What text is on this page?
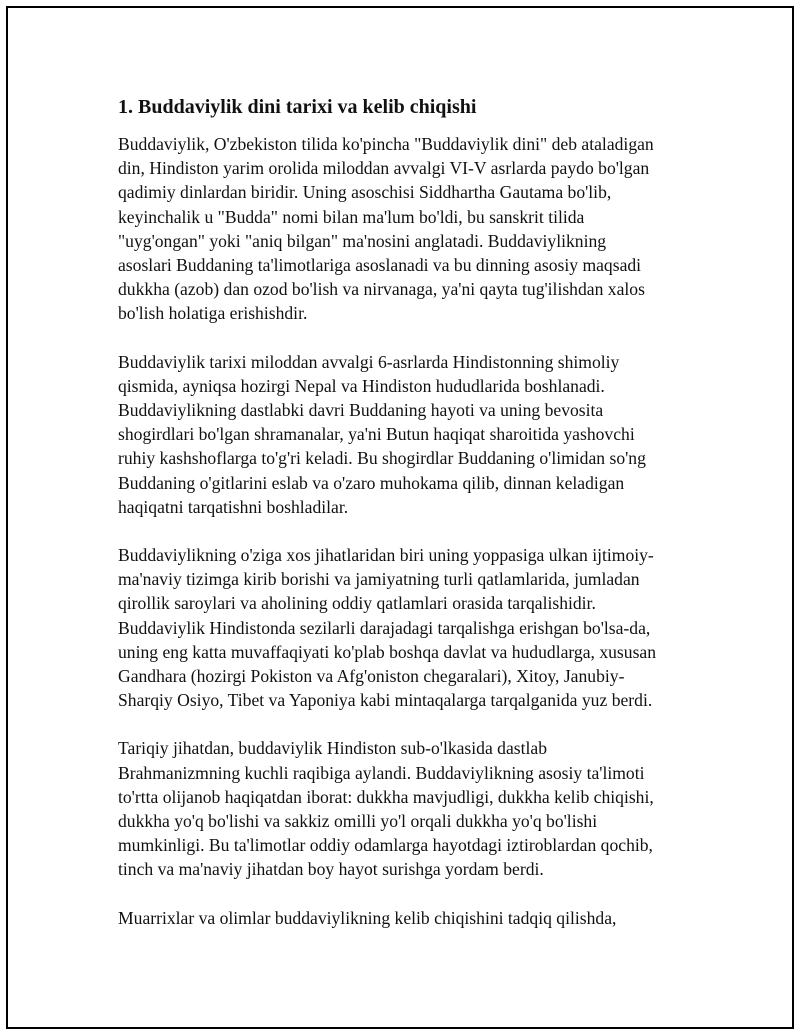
1. Buddaviylik dini tarixi va kelib chiqishi

Buddaviylik, O'zbekiston tilida ko'pincha "Buddaviylik dini" deb ataladigan
din, Hindiston yarim orolida miloddan avvalgi VI-V asrlarda paydo bo'lgan
qadimiy dinlardan biridir. Uning asoschisi Siddhartha Gautama bo'lib,
keyinchalik u "Budda" nomi bilan ma'lum bo'ldi, bu sanskrit tilida
"uyg'ongan" yoki "aniq bilgan" ma'nosini anglatadi. Buddaviylikning
asoslari Buddaning ta'limotlariga asoslanadi va bu dinning asosiy maqsadi
dukkha (azob) dan ozod bo'lish va nirvanaga, ya'ni qayta tug'ilishdan xalos
bo'lish holatiga erishishdir.

Buddaviylik tarixi miloddan avvalgi 6-asrlarda Hindistonning shimoliy
qismida, ayniqsa hozirgi Nepal va Hindiston hududlarida boshlanadi.
Buddaviylikning dastlabki davri Buddaning hayoti va uning bevosita
shogirdlari bo'lgan shramanalar, ya'ni Butun haqiqat sharoitida yashovchi
ruhiy kashshoflarga to'g'ri keladi. Bu shogirdlar Buddaning o'limidan so'ng
Buddaning o'gitlarini eslab va o'zaro muhokama qilib, dinnan keladigan
haqiqatni tarqatishni boshladilar.

Buddaviylikning o'ziga xos jihatlaridan biri uning yoppasiga ulkan ijtimoiy-
ma'naviy tizimga kirib borishi va jamiyatning turli qatlamlarida, jumladan
qirollik saroylari va aholining oddiy qatlamlari orasida tarqalishidir.
Buddaviylik Hindistonda sezilarli darajadagi tarqalishga erishgan bo'lsa-da,
uning eng katta muvaffaqiyati ko'plab boshqa davlat va hududlarga, xususan
Gandhara (hozirgi Pokiston va Afg'oniston chegaralari), Xitoy, Janubiy-
Sharqiy Osiyo, Tibet va Yaponiya kabi mintaqalarga tarqalganida yuz berdi.

Tariqiy jihatdan, buddaviylik Hindiston sub-o'lkasida dastlab
Brahmanizmning kuchli raqibiga aylandi. Buddaviylikning asosiy ta'limoti
to'rtta olijanob haqiqatdan iborat: dukkha mavjudligi, dukkha kelib chiqishi,
dukkha yo'q bo'lishi va sakkiz omilli yo'l orqali dukkha yo'q bo'lishi
mumkinligi. Bu ta'limotlar oddiy odamlarga hayotdagi iztiroblardan qochib,
tinch va ma'naviy jihatdan boy hayot surishga yordam berdi.

Muarrixlar va olimlar buddaviylikning kelib chiqishini tadqiq qilishda,
